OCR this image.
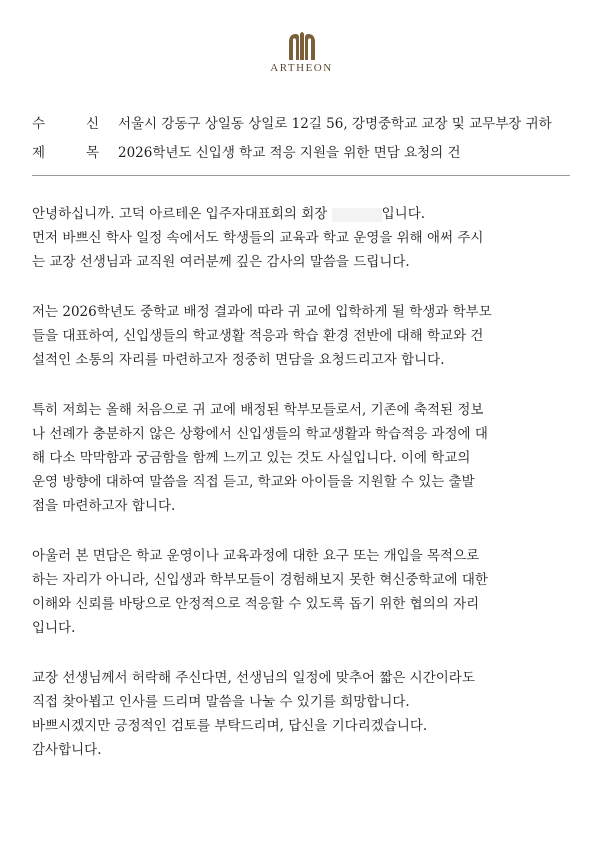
ARTHEON
수	신 서울시 강동구 상일동 상일로 12길 56, 강명중학교 교장 및 교무부장 귀하
제	목 2026학년도 신입생 학교 적응 지원을 위한 면담 요청의 건
안녕하십니까. 고덕 아르테온 입주자대표회의 회장	입니다.
먼저 바쁘신 학사 일정 속에서도 학생들의 교육과 학교 운영을 위해 애써 주시
는 교장 선생님과 교직원 여러분께 깊은 감사의 말씀을 드립니다.
저는 2026학년도 중학교 배정 결과에 따라 귀 교에 입학하게 될 학생과 학부모
들을 대표하여, 신입생들의 학교생활 적응과 학습 환경 전반에 대해 학교와 건
설적인 소통의 자리를 마련하고자 정중히 면담을 요청드리고자 합니다.
특히 저희는 올해 처음으로 귀 교에 배정된 학부모들로서, 기존에 축적된 정보
나 선례가 충분하지 않은 상황에서 신입생들의 학교생활과 학습적응 과정에 대
해 다소 막막함과 궁금함을 함께 느끼고 있는 것도 사실입니다. 이에 학교의
운영 방향에 대하여 말씀을 직접 듣고, 학교와 아이들을 지원할 수 있는 출발
점을 마련하고자 합니다.
아울러 본 면담은 학교 운영이나 교육과정에 대한 요구 또는 개입을 목적으로
하는 자리가 아니라, 신입생과 학부모들이 경험해보지 못한 혁신중학교에 대한
이해와 신뢰를 바탕으로 안정적으로 적응할 수 있도록 돕기 위한 협의의 자리
입니다.
교장 선생님께서 허락해 주신다면, 선생님의 일정에 맞추어 짧은 시간이라도
직접 찾아뵙고 인사를 드리며 말씀을 나눌 수 있기를 희망합니다.
바쁘시겠지만 긍정적인 검토를 부탁드리며, 답신을 기다리겠습니다.
감사합니다.
